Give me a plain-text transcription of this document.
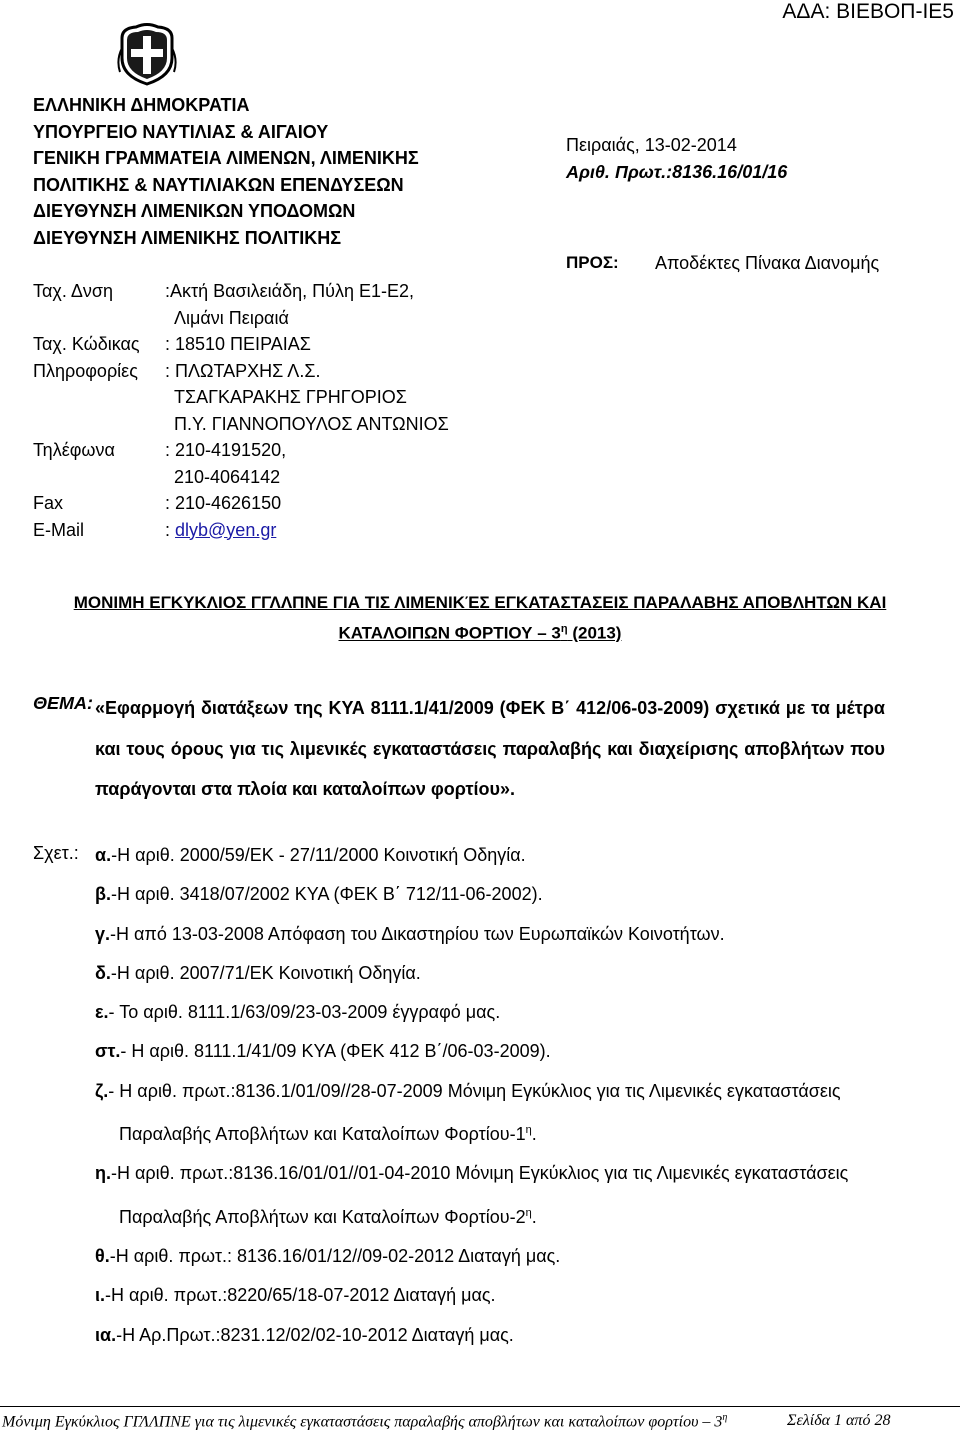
ΑΔΑ: ΒΙΕΒΟΠ-ΙΕ5
ΕΛΛΗΝΙΚΗ ΔΗΜΟΚΡΑΤΙΑ
ΥΠΟΥΡΓΕΙΟ ΝΑΥΤΙΛΙΑΣ & ΑΙΓΑΙΟΥ
ΓΕΝΙΚΗ ΓΡΑΜΜΑΤΕΙΑ ΛΙΜΕΝΩΝ, ΛΙΜΕΝΙΚΗΣ
ΠΟΛΙΤΙΚΗΣ & ΝΑΥΤΙΛΙΑΚΩΝ ΕΠΕΝΔΥΣΕΩΝ
ΔΙΕΥΘΥΝΣΗ ΛΙΜΕΝΙΚΩΝ ΥΠΟΔΟΜΩΝ
ΔΙΕΥΘΥΝΣΗ ΛΙΜΕΝΙΚΗΣ ΠΟΛΙΤΙΚΗΣ
Πειραιάς, 13-02-2014
Αριθ. Πρωτ.:8136.16/01/16
ΠΡΟΣ: Αποδέκτες Πίνακα Διανομής
Ταχ. Δνση	:Ακτή Βασιλειάδη, Πύλη Ε1-Ε2,
Λιμάνι Πειραιά
Ταχ. Κώδικας : 18510 ΠΕΙΡΑΙΑΣ
Πληροφορίες : ΠΛΩΤΑΡΧΗΣ Λ.Σ.
ΤΣΑΓΚΑΡΑΚΗΣ ΓΡΗΓΟΡΙΟΣ
Π.Υ. ΓΙΑΝΝΟΠΟΥΛΟΣ ΑΝΤΩΝΙΟΣ
Τηλέφωνα	: 210-4191520,
210-4064142
Fax	: 210-4626150
E-Mail	: dlyb@yen.gr
ΜΟΝΙΜΗ ΕΓΚΥΚΛΙΟΣ ΓΓΛΛΠΝΕ ΓΙΑ ΤΙΣ ΛΙΜΕΝΙΚΈΣ ΕΓΚΑΤΑΣΤΑΣΕΙΣ ΠΑΡΑΛΑΒΗΣ ΑΠΟΒΛΗΤΩΝ ΚΑΙ
ΚΑΤΑΛΟΙΠΩΝ ΦΟΡΤΙΟΥ – $3^\eta$ (2013)
ΘΕΜΑ: «Εφαρμογή διατάξεων της ΚΥΑ 8111.1/41/2009 (ΦΕΚ Β΄ 412/06-03-2009) σχετικά με τα μέτρα και τους όρους για τις λιμενικές εγκαταστάσεις παραλαβής και διαχείρισης αποβλήτων που παράγονται στα πλοία και καταλοίπων φορτίου».
Σχετ.: α.-Η αριθ. 2000/59/ΕΚ - 27/11/2000 Κοινοτική Οδηγία.
β.-Η αριθ. 3418/07/2002 ΚΥΑ (ΦΕΚ Β΄ 712/11-06-2002).
γ.-Η από 13-03-2008 Απόφαση του Δικαστηρίου των Ευρωπαϊκών Κοινοτήτων.
δ.-Η αριθ. 2007/71/ΕΚ Κοινοτική Οδηγία.
ε.- Το αριθ. 8111.1/63/09/23-03-2009 έγγραφό μας.
στ.- Η αριθ. 8111.1/41/09 ΚΥΑ (ΦΕΚ 412 Β΄/06-03-2009).
ζ.- Η αριθ. πρωτ.:8136.1/01/09//28-07-2009 Μόνιμη Εγκύκλιος για τις Λιμενικές εγκαταστάσεις
Παραλαβής Αποβλήτων και Καταλοίπων Φορτίου-$1^\eta$.
η.-Η αριθ. πρωτ.:8136.16/01/01//01-04-2010 Μόνιμη Εγκύκλιος για τις Λιμενικές εγκαταστάσεις
Παραλαβής Αποβλήτων και Καταλοίπων Φορτίου-$2^\eta$.
θ.-Η αριθ. πρωτ.: 8136.16/01/12//09-02-2012 Διαταγή μας.
ι.-Η αριθ. πρωτ.:8220/65/18-07-2012 Διαταγή μας.
ια.-Η Αρ.Πρωτ.:8231.12/02/02-10-2012 Διαταγή μας.
Μόνιμη Εγκύκλιος ΓΓΛΛΠΝΕ για τις λιμενικές εγκαταστάσεις παραλαβής αποβλήτων και καταλοίπων φορτίου – $3^\eta$	Σελίδα 1 από 28
